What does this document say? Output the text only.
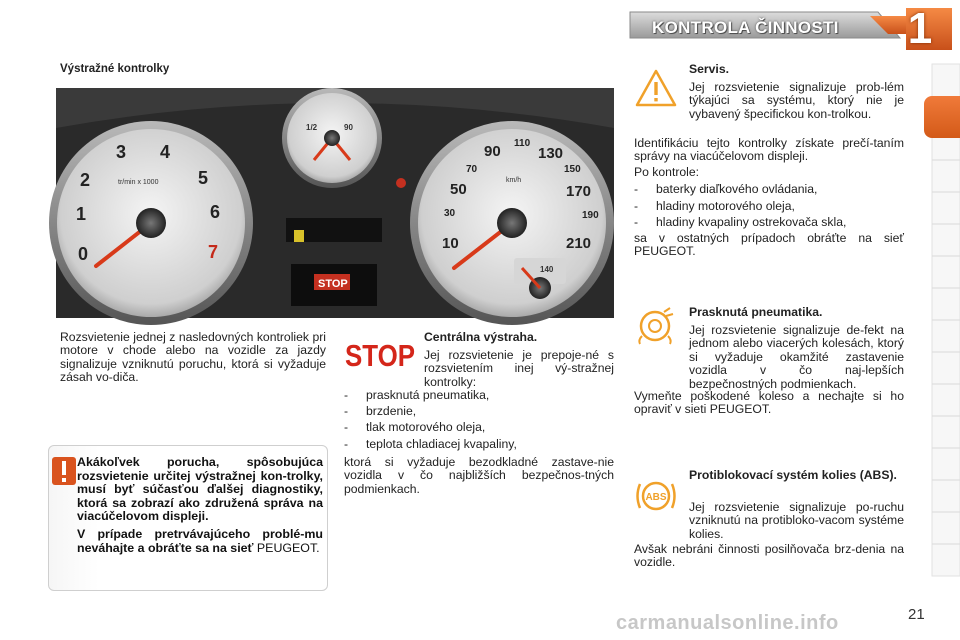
KONTROLA ČINNOSTI 1
Výstražné kontrolky
0
1
2
3 4
5
6
7
tr/min x 1000
10
30
50
70
90 110
130
150
170
190
210
km/h
1/2	90
140
STOP
Rozsvietenie jednej z nasledovných kontroliek pri motore v chode alebo na vozidle za jazdy signalizuje vzniknutú poruchu, ktorá si vyžaduje zásah vo-diča.

Akákoľvek porucha, spôsobujúca rozsvietenie určitej výstražnej kon-trolky, musí byť súčasťou ďalšej diagnostiky, ktorá sa zobrazí ako združená správa na viacúčelovom displeji.

V prípade pretrvávajúceho problé-mu neváhajte a obráťte sa na sieť PEUGEOT.

STOP
Centrálna výstraha.
Jej rozsvietenie je prepoje-né s rozsvietením inej vý-stražnej kontrolky:
- prasknutá pneumatika,
- brzdenie,
- tlak motorového oleja,
- teplota chladiacej kvapaliny,
ktorá si vyžaduje bezodkladné zastave-nie vozidla v čo najbližších bezpečnos-tných podmienkach.
Servis.
Jej rozsvietenie signalizuje prob-lém týkajúci sa systému, ktorý nie je vybavený špecifickou kon-trolkou.
Identifikáciu tejto kontrolky získate prečí-taním správy na viacúčelovom displeji.
Po kontrole:
- baterky diaľkového ovládania,
- hladiny motorového oleja,
- hladiny kvapaliny ostrekovača skla,
sa v ostatných prípadoch obráťte na sieť PEUGEOT.
Prasknutá pneumatika.
Jej rozsvietenie signalizuje de-fekt na jednom alebo viacerých kolesách, ktorý si vyžaduje okamžité zastavenie vozidla v čo naj-lepších bezpečnostných podmienkach.
Vymeňte poškodené koleso a nechajte si ho opraviť v sieti PEUGEOT.
ABS
Protiblokovací systém kolies (ABS).
Jej rozsvietenie signalizuje po-ruchu vzniknutú na protibloko-vacom systéme kolies.
Avšak nebráni činnosti posilňovača brz-denia na vozidle.
carmanualsonline.info	21
